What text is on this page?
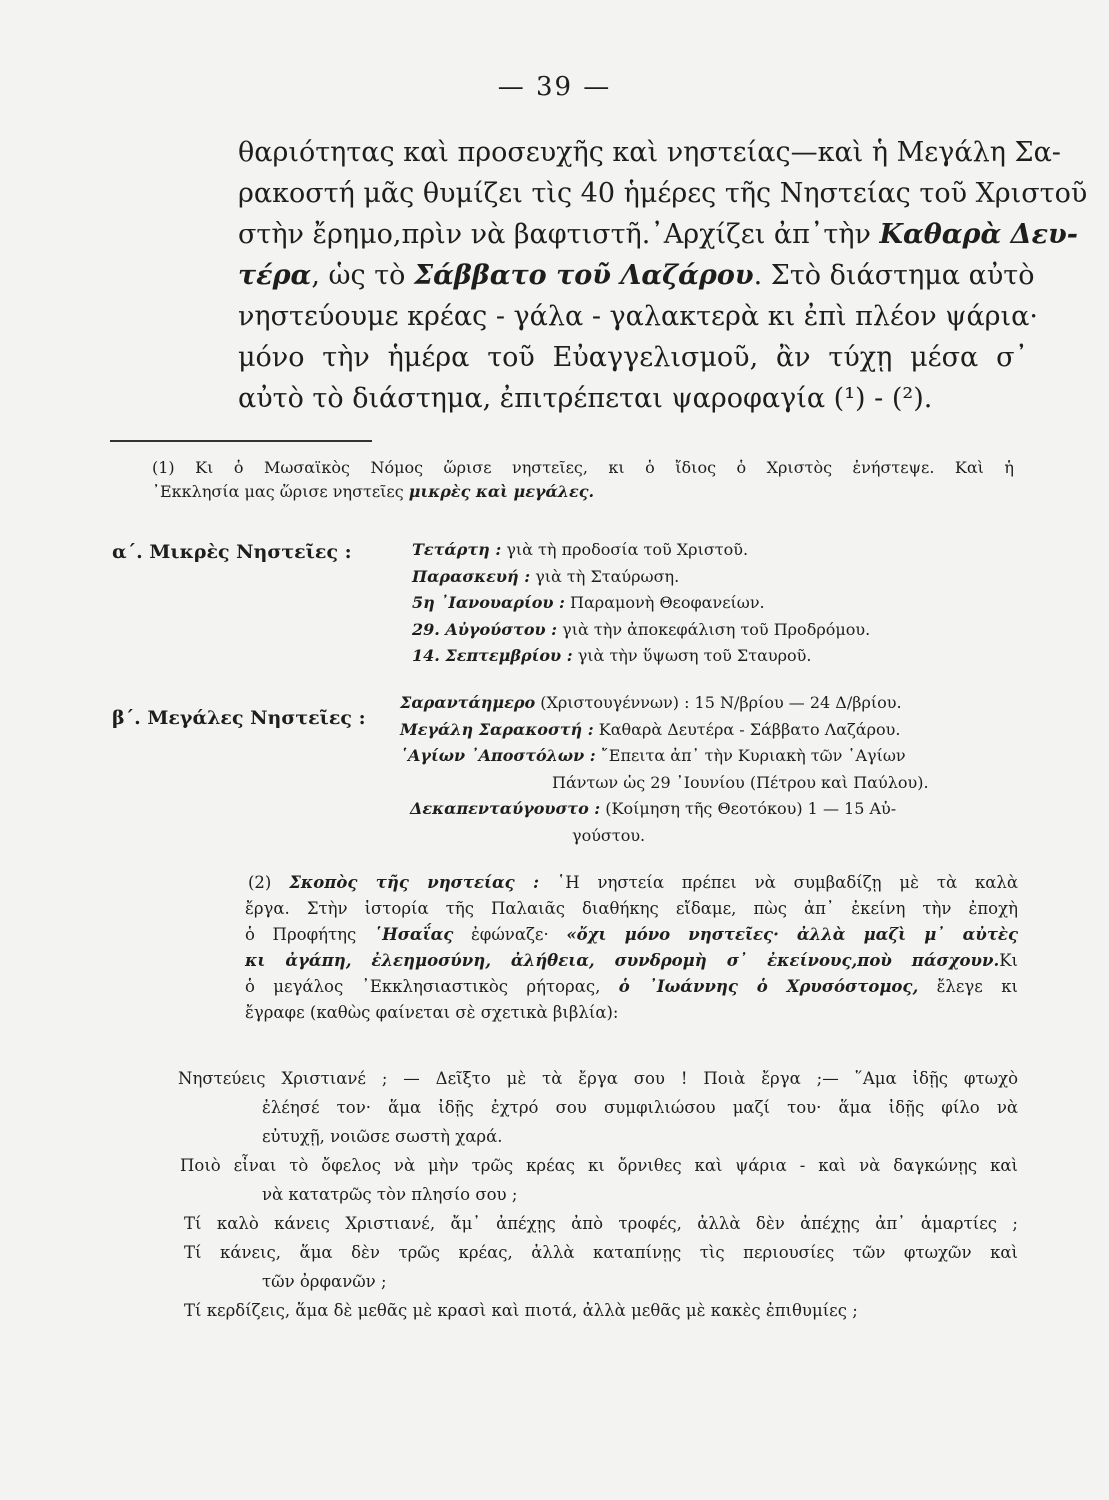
— 39 —
θαριότητας καὶ προσευχῆς καὶ νηστείας—καὶ ἡ Μεγάλη Σα-
ρακοστή μᾶς θυμίζει τὶς 40 ἡμέρες τῆς Νηστείας τοῦ Χριστοῦ
στὴν ἔρημο,πρὶν νὰ βαφτιστῆ.᾿Αρχίζει ἀπ᾿τὴν Καθαρὰ Δευ-
τέρα, ὡς τὸ Σάββατο τοῦ Λαζάρου. Στὸ διάστημα αὐτὸ
νηστεύουμε κρέας - γάλα - γαλακτερὰ κι ἐπὶ πλέον ψάρια·
μόνο τὴν ἡμέρα τοῦ Εὐαγγελισμοῦ, ἂν τύχῃ μέσα σ᾿
αὐτὸ τὸ διάστημα, ἐπιτρέπεται ψαροφαγία (¹) - (²).
(1) Κι ὁ Μωσαϊκὸς Νόμος ὥρισε νηστεῖες, κι ὁ ἴδιος ὁ Χριστὸς ἐνήστεψε. Καὶ ἡ
᾿Εκκλησία μας ὥρισε νηστεῖες μικρὲς καὶ μεγάλες.
α΄. Μικρὲς Νηστεῖες :	Τετάρτη : γιὰ τὴ προδοσία τοῦ Χριστοῦ.
Παρασκευή : γιὰ τὴ Σταύρωση.
5η ᾿Ιανουαρίου : Παραμονὴ Θεοφανείων.
29. Αὐγούστου : γιὰ τὴν ἀποκεφάλιση τοῦ Προδρόμου.
14. Σεπτεμβρίου : γιὰ τὴν ὕψωση τοῦ Σταυροῦ.
β΄. Μεγάλες Νηστεῖες :
Σαραντάημερο (Χριστουγέννων) : 15 Ν/βρίου — 24 Δ/βρίου.
Μεγάλη Σαρακοστή : Καθαρὰ Δευτέρα - Σάββατο Λαζάρου.
῾Αγίων ᾿Αποστόλων : ῎Επειτα ἀπ᾿ τὴν Κυριακὴ τῶν ῾Αγίων
Πάντων ὡς 29 ᾿Ιουνίου (Πέτρου καὶ Παύλου).
Δεκαπενταύγουστο : (Κοίμηση τῆς Θεοτόκου) 1 — 15 Αὐ-
γούστου.
(2) Σκοπὸς τῆς νηστείας : ῾Η νηστεία πρέπει νὰ συμβαδίζῃ μὲ τὰ καλὰ
ἔργα. Στὴν ἱστορία τῆς Παλαιᾶς διαθήκης εἴδαμε, πὼς ἀπ᾿ ἐκείνη τὴν ἐποχὴ
ὁ Προφήτης ῾Ησαΐας ἐφώναζε· «ὄχι μόνο νηστεῖες· ἀλλὰ μαζὶ μ᾿ αὐτὲς
κι ἀγάπη, ἐλεημοσύνη, ἀλήθεια, συνδρομὴ σ᾿ ἐκείνους,ποὺ πάσχουν.Κι
ὁ μεγάλος ᾿Εκκλησιαστικὸς ρήτορας, ὁ ᾿Ιωάννης ὁ Χρυσόστομος, ἔλεγε κι
ἔγραφε (καθὼς φαίνεται σὲ σχετικὰ βιβλία):
Νηστεύεις Χριστιανέ ; — Δεῖξτο μὲ τὰ ἔργα σου ! Ποιὰ ἔργα ;— ῞Αμα ἰδῇς φτωχὸ
ἐλέησέ τον· ἅμα ἰδῇς ἐχτρό σου συμφιλιώσου μαζί του· ἅμα ἰδῇς φίλο νὰ
εὐτυχῇ, νοιῶσε σωστὴ χαρά.
Ποιὸ εἶναι τὸ ὄφελος νὰ μὴν τρῶς κρέας κι ὄρνιθες καὶ ψάρια - καὶ νὰ δαγκώνῃς καὶ
νὰ κατατρῶς τὸν πλησίο σου ;
Τί καλὸ κάνεις Χριστιανέ, ἄμ᾿ ἀπέχῃς ἀπὸ τροφές, ἀλλὰ δὲν ἀπέχῃς ἀπ᾿ ἁμαρτίες ;
Τί κάνεις, ἅμα δὲν τρῶς κρέας, ἀλλὰ καταπίνῃς τὶς περιουσίες τῶν φτωχῶν καὶ
τῶν ὀρφανῶν ;
Τί κερδίζεις, ἅμα δὲ μεθᾶς μὲ κρασὶ καὶ πιοτά, ἀλλὰ μεθᾶς μὲ κακὲς ἐπιθυμίες ;
